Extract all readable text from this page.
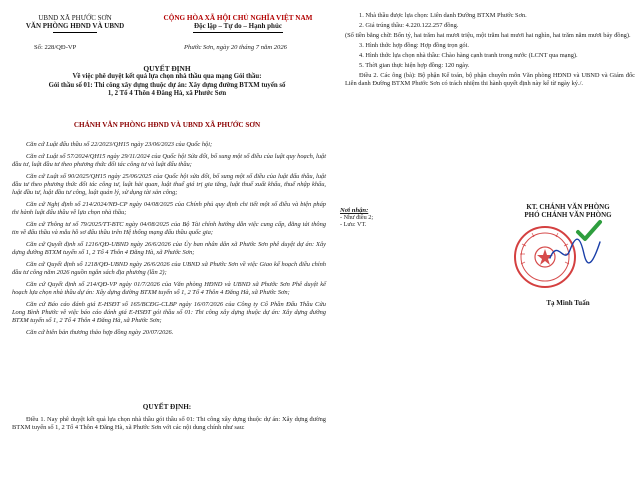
UBND XÃ PHƯỚC SƠN
VĂN PHÒNG HĐND VÀ UBND
CỘNG HÒA XÃ HỘI CHỦ NGHĨA VIỆT NAM
Độc lập – Tự do – Hạnh phúc
Số: 228/QĐ-VP	Phước Sơn, ngày 20 tháng 7 năm 2026
QUYẾT ĐỊNH
Về việc phê duyệt kết quả lựa chọn nhà thầu qua mạng Gói thầu:
Gói thầu số 01: Thi công xây dựng thuộc dự án: Xây dựng đường BTXM tuyến số
1, 2 Tổ 4 Thôn 4 Đăng Hà, xã Phước Sơn
CHÁNH VĂN PHÒNG HĐND VÀ UBND XÃ PHƯỚC SƠN

Căn cứ Luật đấu thầu số 22/2023/QH15 ngày 23/06/2023 của Quốc hội;

Căn cứ Luật số 57/2024/QH15 ngày 29/11/2024 của Quốc hội Sửa đổi, bổ sung một số điều của luật quy hoạch, luật đầu tư, luật đầu tư theo phương thức đối tác công tư và luật đấu thầu;

Căn cứ Luật số 90/2025/QH15 ngày 25/06/2025 của Quốc hội sửa đổi, bổ sung một số điều của luật đấu thầu, luật đầu tư theo phương thức đối tác công tư, luật hải quan, luật thuế giá trị gia tăng, luật thuế xuất khẩu, thuế nhập khẩu, luật đầu tư, luật đầu tư công, luật quản lý, sử dụng tài sản công;

Căn cứ Nghị định số 214/2024/NĐ-CP ngày 04/08/2025 của Chính phủ quy định chi tiết một số điều và biện pháp thi hành luật đấu thầu về lựa chọn nhà thầu;

Căn cứ Thông tư số 79/2025/TT-BTC ngày 04/08/2025 của Bộ Tài chính hướng dẫn việc cung cấp, đăng tải thông tin về đấu thầu và mẫu hồ sơ đấu thầu trên Hệ thống mạng đấu thầu quốc gia;

Căn cứ Quyết định số 1216/QĐ-UBND ngày 26/6/2026 của Ủy ban nhân dân xã Phước Sơn phê duyệt dự án: Xây dựng đường BTXM tuyến số 1, 2 Tổ 4 Thôn 4 Đăng Hà, xã Phước Sơn;

Căn cứ Quyết định số 1218/QĐ-UBND ngày 26/6/2026 của UBND xã Phước Sơn về việc Giao kế hoạch điều chỉnh đầu tư công năm 2026 nguồn ngân sách địa phương (lần 2);

Căn cứ Quyết định số 214/QĐ-VP ngày 01/7/2026 của Văn phòng HĐND và UBND xã Phước Sơn Phê duyệt kế hoạch lựa chọn nhà thầu dự án: Xây dựng đường BTXM tuyến số 1, 2 Tổ 4 Thôn 4 Đăng Hà, xã Phước Sơn;

Căn cứ Báo cáo đánh giá E-HSĐT số 165/BCĐG-CLBP ngày 16/07/2026 của Công ty Cổ Phần Đấu Thầu Cửu Long Bình Phước về việc báo cáo đánh giá E-HSĐT gói thầu số 01: Thi công xây dựng thuộc dự án: Xây dựng đường BTXM tuyến số 1, 2 Tổ 4 Thôn 4 Đăng Hà, xã Phước Sơn;

Căn cứ biên bản thương thảo hợp đồng ngày 20/07/2026.

QUYẾT ĐỊNH:

Điều 1. Nay phê duyệt kết quả lựa chọn nhà thầu gói thầu số 01: Thi công xây dựng thuộc dự án: Xây dựng đường BTXM tuyến số 1, 2 Tổ 4 Thôn 4 Đăng Hà, xã Phước Sơn với các nội dung chính như sau:

1. Nhà thầu được lựa chọn: Liên danh Đường BTXM Phước Sơn.

2. Giá trúng thầu: 4.220.122.257 đồng.

(Số tiền bằng chữ: Bốn tỷ, hai trăm hai mươi triệu, một trăm hai mươi hai nghìn, hai trăm năm mươi bảy đồng).

3. Hình thức hợp đồng: Hợp đồng trọn gói.

4. Hình thức lựa chọn nhà thầu: Chào hàng cạnh tranh trong nước (LCNT qua mạng).

5. Thời gian thực hiện hợp đồng: 120 ngày.

Điều 2. Các ông (bà): Bộ phận Kế toán, bộ phận chuyên môn Văn phòng HĐND và UBND và Giám đốc Liên danh Đường BTXM Phước Sơn có trách nhiệm thi hành quyết định này kể từ ngày ký./.

Nơi nhận:
- Như điều 2;
- Lưu: VT.
KT. CHÁNH VĂN PHÒNG
PHÓ CHÁNH VĂN PHÒNG
Tạ Minh Tuấn
